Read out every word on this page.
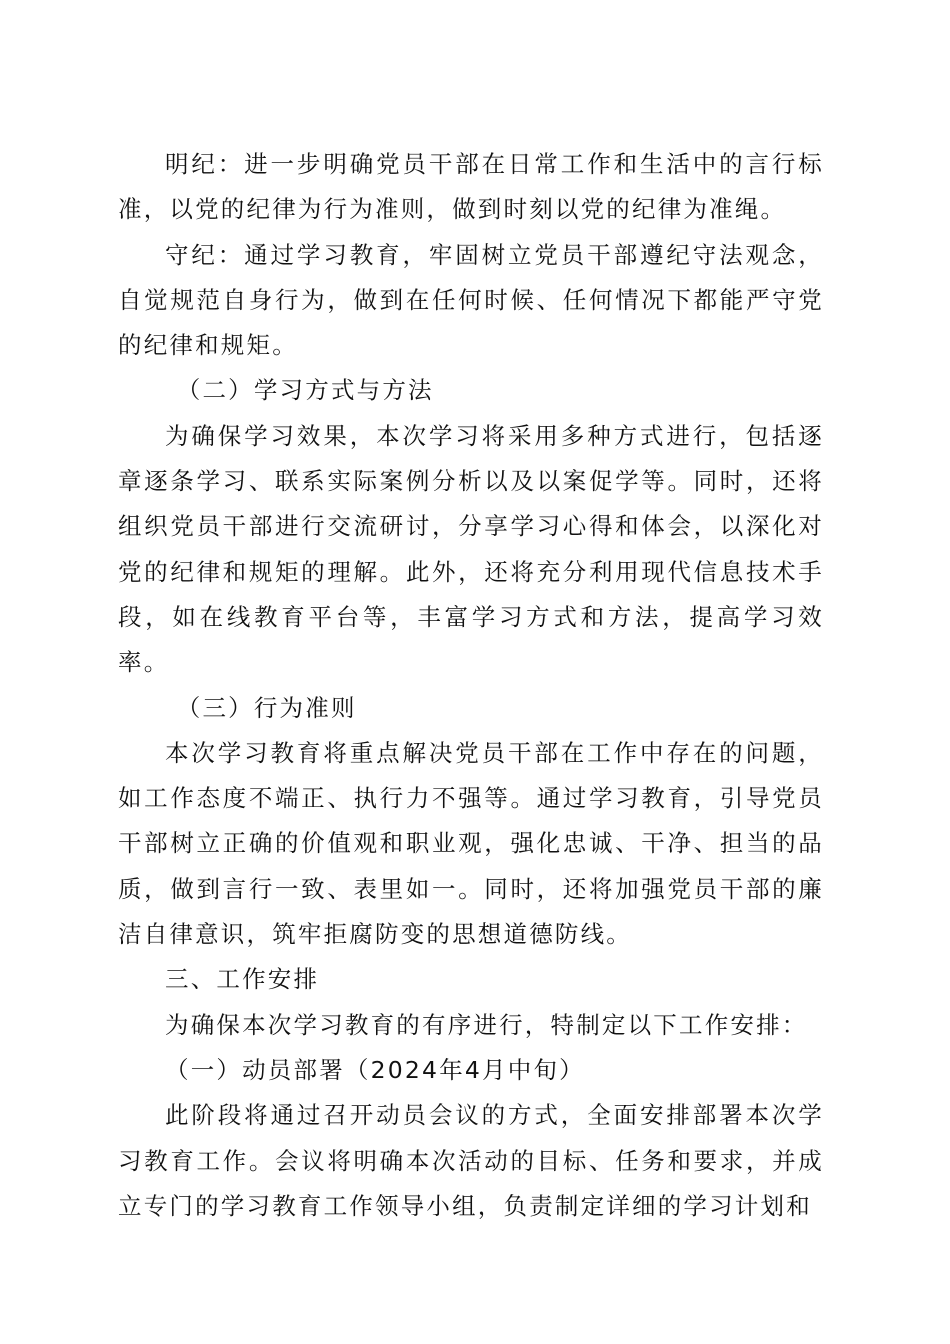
明纪：进一步明确党员干部在日常工作和生活中的言行标准，以党的纪律为行为准则，做到时刻以党的纪律为准绳。

守纪：通过学习教育，牢固树立党员干部遵纪守法观念，自觉规范自身行为，做到在任何时候、任何情况下都能严守党的纪律和规矩。

（二）学习方式与方法

为确保学习效果，本次学习将采用多种方式进行，包括逐章逐条学习、联系实际案例分析以及以案促学等。同时，还将组织党员干部进行交流研讨，分享学习心得和体会，以深化对党的纪律和规矩的理解。此外，还将充分利用现代信息技术手段，如在线教育平台等，丰富学习方式和方法，提高学习效率。

（三）行为准则

本次学习教育将重点解决党员干部在工作中存在的问题，如工作态度不端正、执行力不强等。通过学习教育，引导党员干部树立正确的价值观和职业观，强化忠诚、干净、担当的品质，做到言行一致、表里如一。同时，还将加强党员干部的廉洁自律意识，筑牢拒腐防变的思想道德防线。

三、工作安排

为确保本次学习教育的有序进行，特制定以下工作安排：

（一）动员部署（2024年4月中旬）

此阶段将通过召开动员会议的方式，全面安排部署本次学习教育工作。会议将明确本次活动的目标、任务和要求，并成立专门的学习教育工作领导小组，负责制定详细的学习计划和
